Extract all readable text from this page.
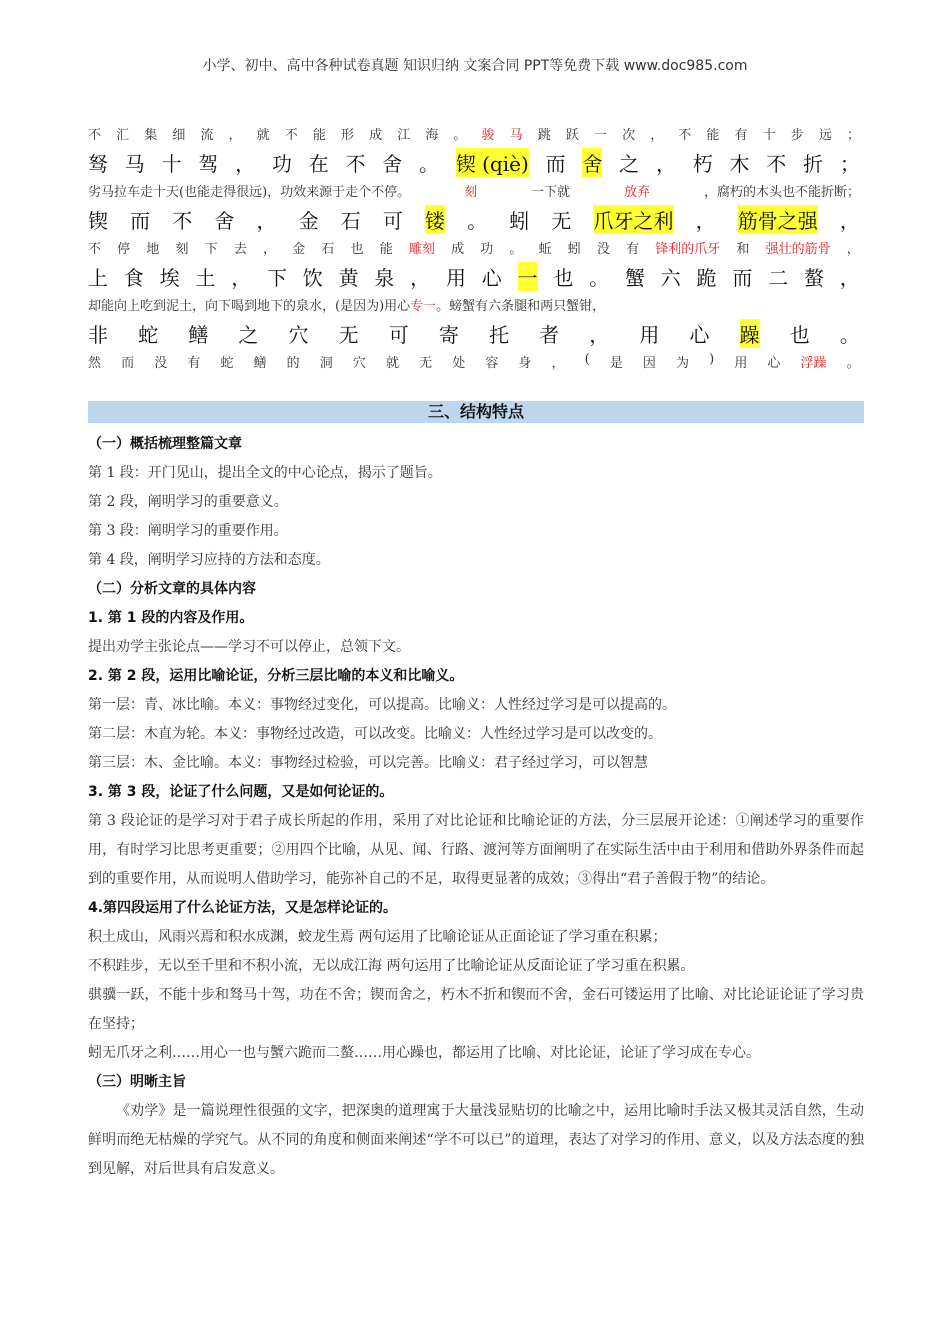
小学、初中、高中各种试卷真题 知识归纳 文案合同 PPT等免费下载 www.doc985.com
不 汇 集 细 流 ， 就 不 能 形 成 江 海 。 骏 马 跳 跃 一 次 ， 不 能 有 十 步 远 ；
驽 马 十 驾 ， 功 在 不 舍 。 锲 (qiè) 而 舍 之 ， 朽 木 不 折 ；
劣马拉车走十天(也能走得很远)，功效来源于走个不停。	刻	一下就	放弃	，腐朽的木头也不能折断；
锲 而 不 舍 ， 金 石 可 镂 。 蚓 无 爪牙之利 ， 筋骨之强 ，
不 停 地 刻 下 去 ， 金 石 也 能 雕刻 成 功 。 蚯 蚓 没 有 锋利的爪牙 和 强壮的筋骨 ，
上 食 埃 土 ， 下 饮 黄 泉 ， 用 心 一 也 。 蟹 六 跪 而 二 螯 ，
却能向上吃到泥土，向下喝到地下的泉水，(是因为)用心 专一 。螃蟹有六条腿和两只蟹钳，
非 蛇 鳝 之 穴 无 可 寄 托 者 ， 用 心 躁 也 。
然 而 没 有 蛇 鳝 的 洞 穴 就 无 处 容 身 ， ( 是 因 为 ) 用 心 浮躁 。
三、结构特点

（一）概括梳理整篇文章

第 1 段：开门见山，提出全文的中心论点，揭示了题旨。

第 2 段，阐明学习的重要意义。

第 3 段：阐明学习的重要作用。

第 4 段，阐明学习应持的方法和态度。

（二）分析文章的具体内容

1. 第 1 段的内容及作用。

提出劝学主张论点——学习不可以停止，总领下文。

2. 第 2 段，运用比喻论证，分析三层比喻的本义和比喻义。

第一层：青、冰比喻。本义：事物经过变化，可以提高。比喻义：人性经过学习是可以提高的。

第二层：木直为轮。本义：事物经过改造，可以改变。比喻义：人性经过学习是可以改变的。

第三层：木、金比喻。本义：事物经过检验，可以完善。比喻义：君子经过学习，可以智慧

3. 第 3 段，论证了什么问题，又是如何论证的。

第 3 段论证的是学习对于君子成长所起的作用，采用了对比论证和比喻论证的方法，分三层展开论述：①阐述学习的重要作用，有时学习比思考更重要；②用四个比喻，从见、闻、行路、渡河等方面阐明了在实际生活中由于利用和借助外界条件而起到的重要作用，从而说明人借助学习，能弥补自己的不足，取得更显著的成效；③得出“君子善假于物”的结论。

4.第四段运用了什么论证方法，又是怎样论证的。

积土成山，风雨兴焉和积水成渊，蛟龙生焉 两句运用了比喻论证从正面论证了学习重在积累；

不积跬步，无以至千里和不积小流，无以成江海 两句运用了比喻论证从反面论证了学习重在积累。

骐骥一跃，不能十步和驽马十驾，功在不舍；锲而舍之，朽木不折和锲而不舍，金石可镂运用了比喻、对比论证论证了学习贵在坚持；

蚓无爪牙之利……用心一也与蟹六跪而二螯……用心躁也，都运用了比喻、对比论证，论证了学习成在专心。

（三）明晰主旨

《劝学》是一篇说理性很强的文字，把深奥的道理寓于大量浅显贴切的比喻之中，运用比喻时手法又极其灵活自然，生动鲜明而绝无枯燥的学究气。从不同的角度和侧面来阐述“学不可以已”的道理，表达了对学习的作用、意义，以及方法态度的独到见解，对后世具有启发意义。
